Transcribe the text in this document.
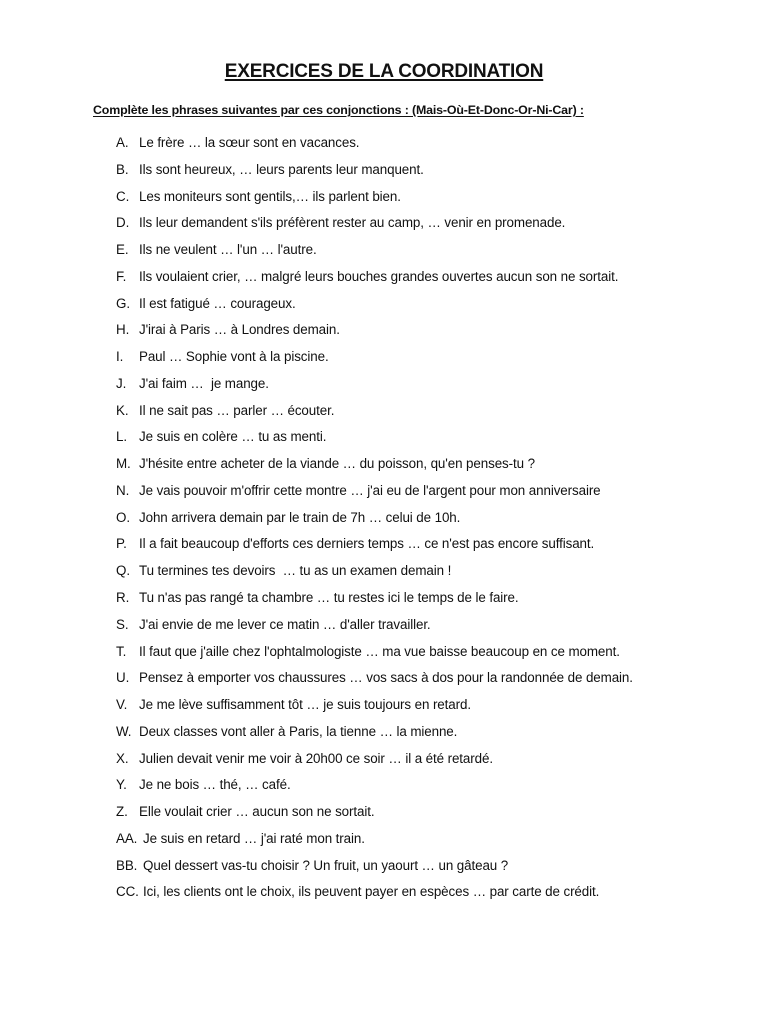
EXERCICES DE LA COORDINATION
Complète les phrases suivantes par ces conjonctions : (Mais-Où-Et-Donc-Or-Ni-Car) :
A. Le frère … la sœur sont en vacances.
B. Ils sont heureux, … leurs parents leur manquent.
C. Les moniteurs sont gentils,… ils parlent bien.
D. Ils leur demandent s'ils préfèrent rester au camp, … venir en promenade.
E. Ils ne veulent … l'un … l'autre.
F. Ils voulaient crier, … malgré leurs bouches grandes ouvertes aucun son ne sortait.
G. Il est fatigué … courageux.
H. J'irai à Paris … à Londres demain.
I.	Paul … Sophie vont à la piscine.
J. J'ai faim …  je mange.
K. Il ne sait pas … parler … écouter.
L. Je suis en colère … tu as menti.
M. J'hésite entre acheter de la viande … du poisson, qu'en penses-tu ?
N. Je vais pouvoir m'offrir cette montre … j'ai eu de l'argent pour mon anniversaire
O. John arrivera demain par le train de 7h … celui de 10h.
P. Il a fait beaucoup d'efforts ces derniers temps … ce n'est pas encore suffisant.
Q. Tu termines tes devoirs  … tu as un examen demain !
R. Tu n'as pas rangé ta chambre … tu restes ici le temps de le faire.
S. J'ai envie de me lever ce matin … d'aller travailler.
T. Il faut que j'aille chez l'ophtalmologiste … ma vue baisse beaucoup en ce moment.
U. Pensez à emporter vos chaussures … vos sacs à dos pour la randonnée de demain.
V. Je me lève suffisamment tôt … je suis toujours en retard.
W. Deux classes vont aller à Paris, la tienne … la mienne.
X. Julien devait venir me voir à 20h00 ce soir … il a été retardé.
Y. Je ne bois … thé, … café.
Z. Elle voulait crier … aucun son ne sortait.
AA. Je suis en retard … j'ai raté mon train.
BB. Quel dessert vas-tu choisir ? Un fruit, un yaourt … un gâteau ?
CC. Ici, les clients ont le choix, ils peuvent payer en espèces … par carte de crédit.
